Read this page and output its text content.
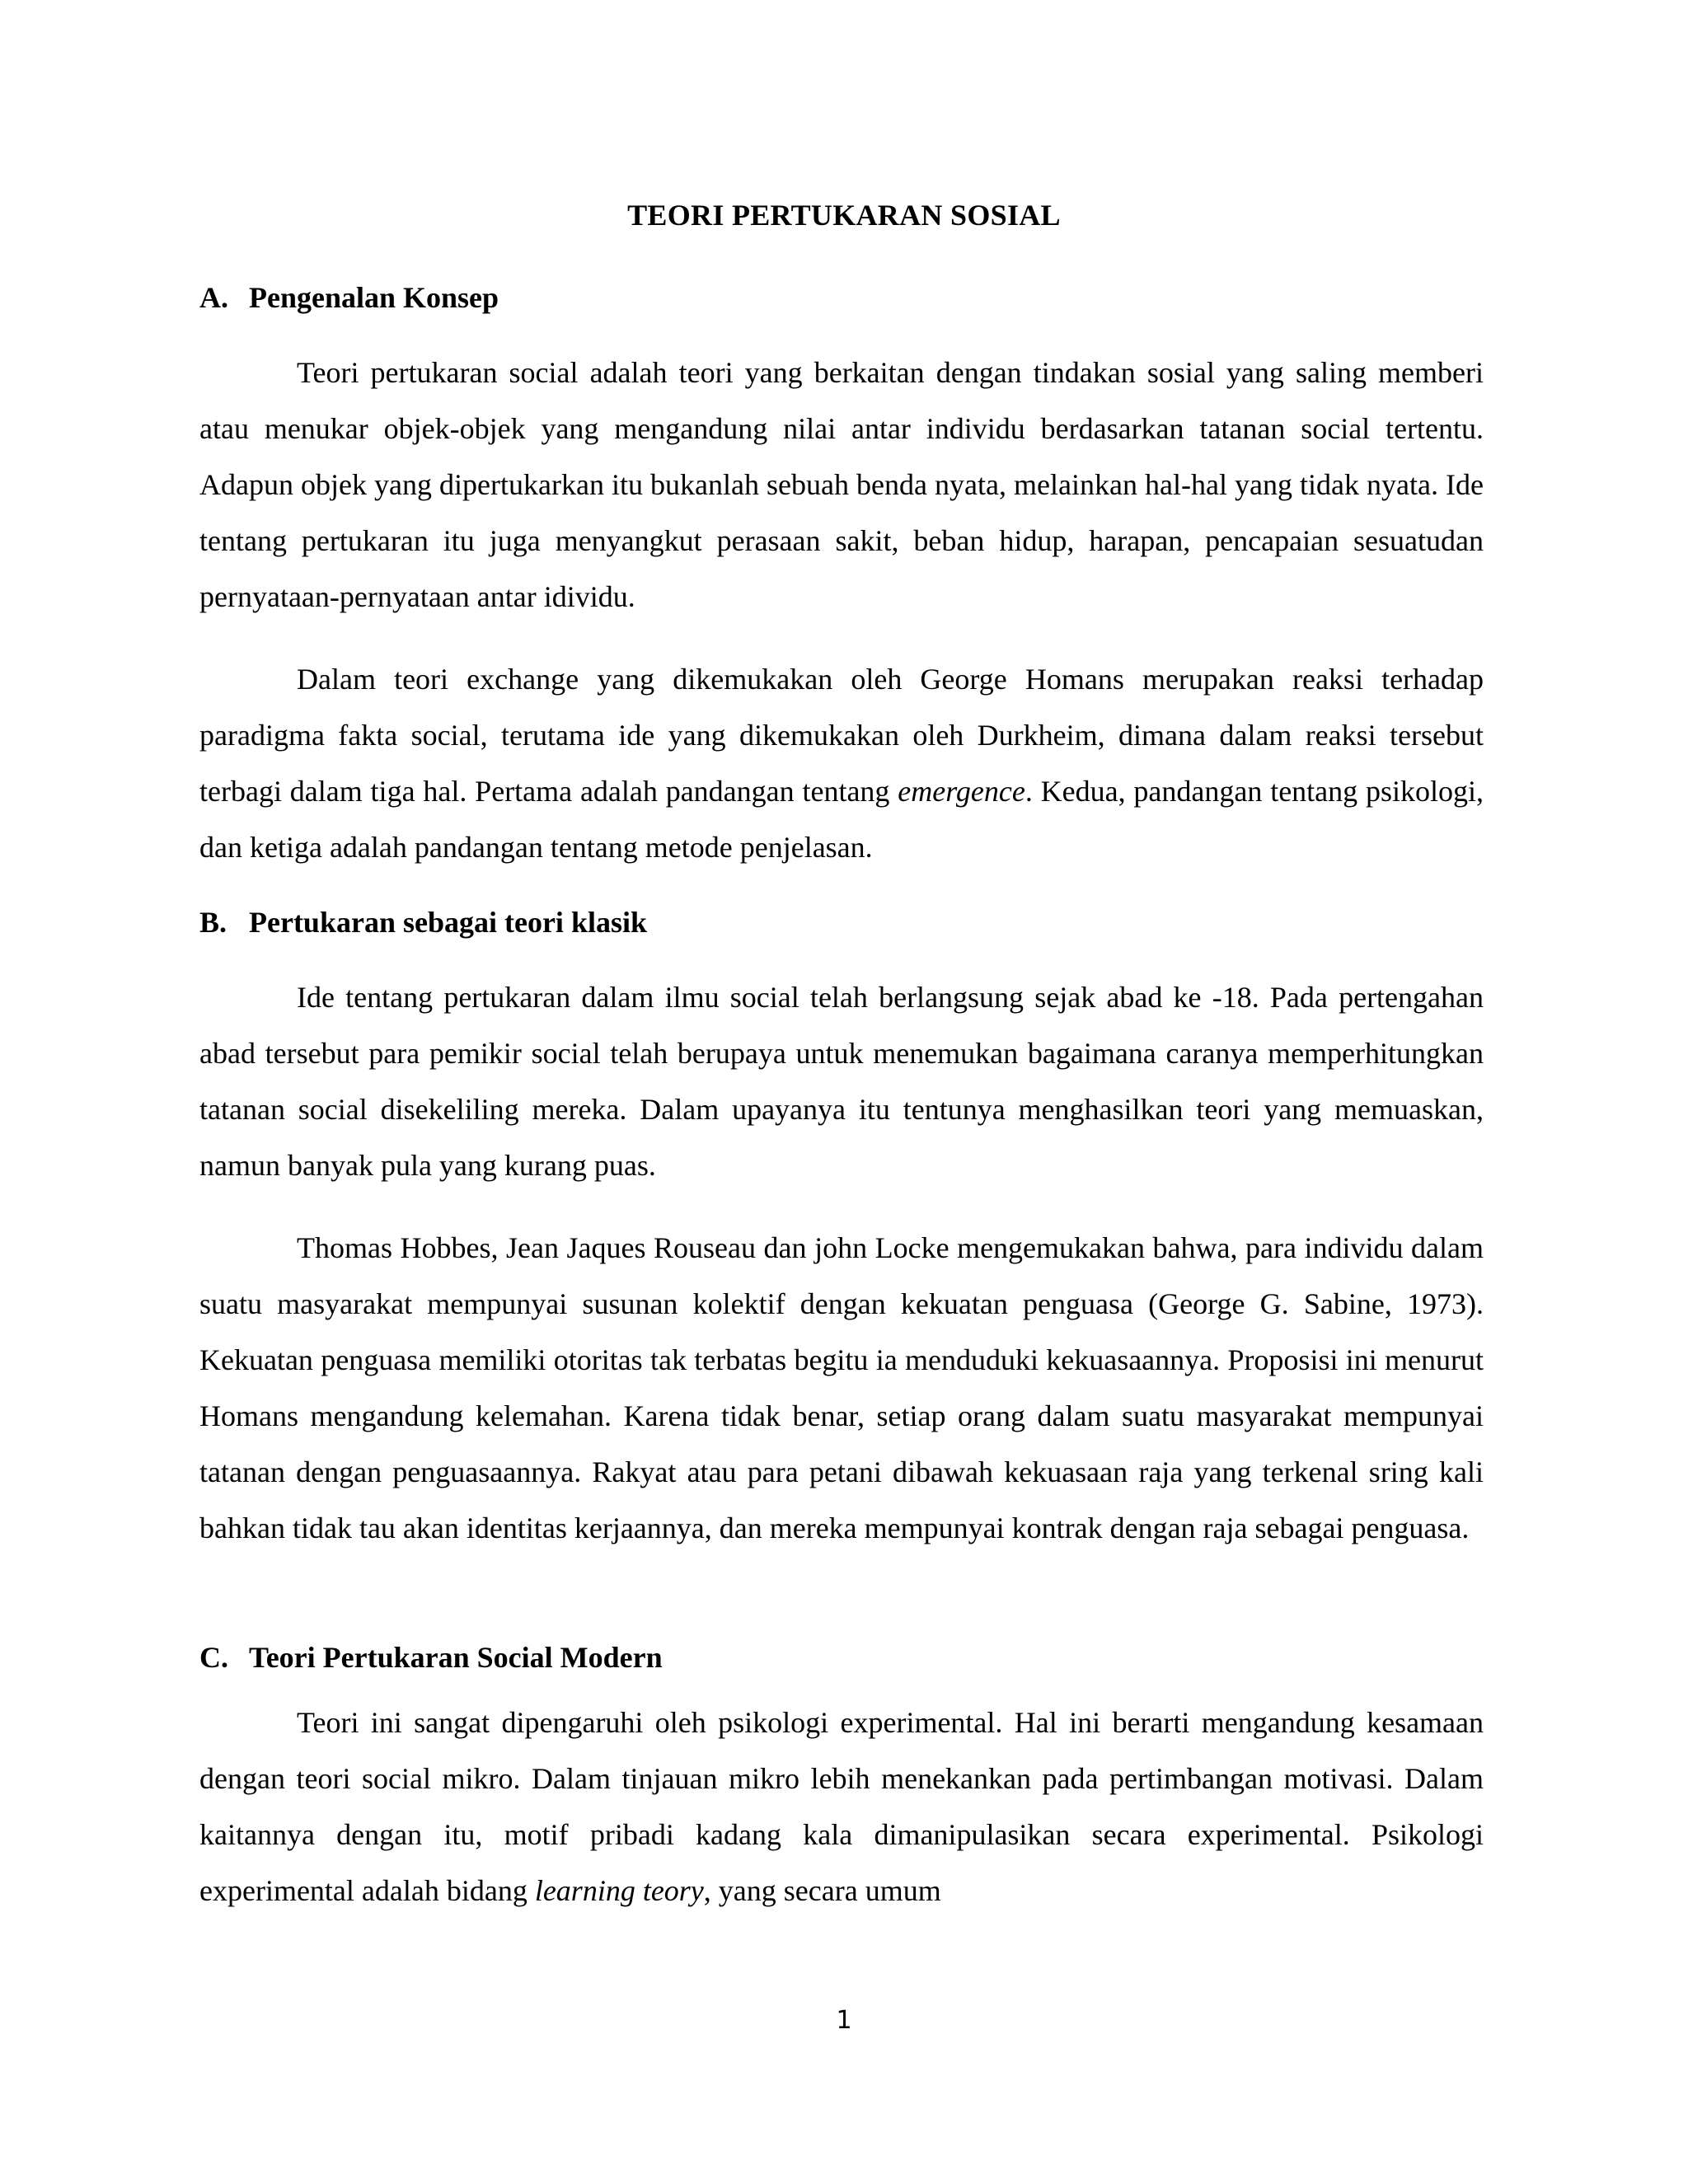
TEORI PERTUKARAN SOSIAL
A. Pengenalan Konsep

Teori pertukaran social adalah teori yang berkaitan dengan tindakan sosial yang saling memberi atau menukar objek-objek yang mengandung nilai antar individu berdasarkan tatanan social tertentu. Adapun objek yang dipertukarkan itu bukanlah sebuah benda nyata, melainkan hal-hal yang tidak nyata. Ide tentang pertukaran itu juga menyangkut perasaan sakit, beban hidup, harapan, pencapaian sesuatudan pernyataan-pernyataan antar idividu.

Dalam teori exchange yang dikemukakan oleh George Homans merupakan reaksi terhadap paradigma fakta social, terutama ide yang dikemukakan oleh Durkheim, dimana dalam reaksi tersebut terbagi dalam tiga hal. Pertama adalah pandangan tentang emergence. Kedua, pandangan tentang psikologi, dan ketiga adalah pandangan tentang metode penjelasan.

B. Pertukaran sebagai teori klasik

Ide tentang pertukaran dalam ilmu social telah berlangsung sejak abad ke -18. Pada pertengahan abad tersebut para pemikir social telah berupaya untuk menemukan bagaimana caranya memperhitungkan tatanan social disekeliling mereka. Dalam upayanya itu tentunya menghasilkan teori yang memuaskan, namun banyak pula yang kurang puas.

Thomas Hobbes, Jean Jaques Rouseau dan john Locke mengemukakan bahwa, para individu dalam suatu masyarakat mempunyai susunan kolektif dengan kekuatan penguasa (George G. Sabine, 1973). Kekuatan penguasa memiliki otoritas tak terbatas begitu ia menduduki kekuasaannya. Proposisi ini menurut Homans mengandung kelemahan. Karena tidak benar, setiap orang dalam suatu masyarakat mempunyai tatanan dengan penguasaannya. Rakyat atau para petani dibawah kekuasaan raja yang terkenal sring kali bahkan tidak tau akan identitas kerjaannya, dan mereka mempunyai kontrak dengan raja sebagai penguasa.

C. Teori Pertukaran Social Modern

Teori ini sangat dipengaruhi oleh psikologi experimental. Hal ini berarti mengandung kesamaan dengan teori social mikro. Dalam tinjauan mikro lebih menekankan pada pertimbangan motivasi. Dalam kaitannya dengan itu, motif pribadi kadang kala dimanipulasikan secara experimental. Psikologi experimental adalah bidang learning teory, yang secara umum

1
